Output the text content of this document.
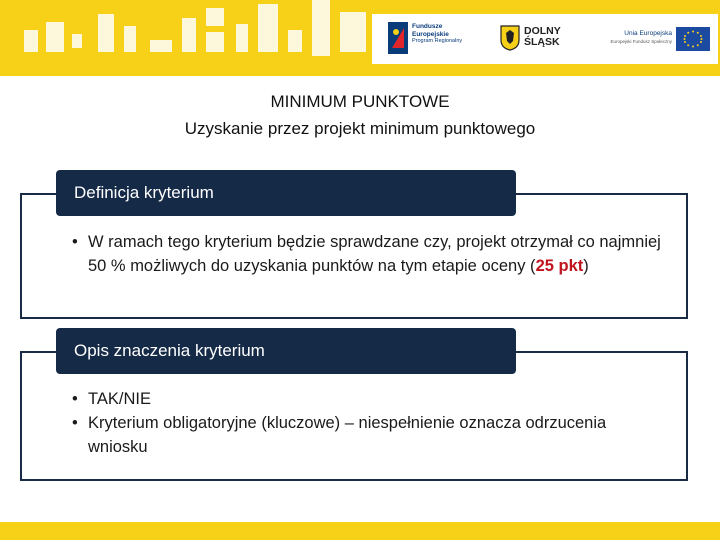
Fundusze
Europejskie
Program Regionalny
DOLNY
ŚLĄSK
Unia Europejska
Europejski Fundusz Społeczny
MINIMUM PUNKTOWE
Uzyskanie przez projekt minimum punktowego
Definicja kryterium
• W ramach tego kryterium będzie sprawdzane czy, projekt otrzymał co najmniej 50 % możliwych do uzyskania punktów na tym etapie oceny (25 pkt)
Opis znaczenia kryterium
• TAK/NIE
• Kryterium obligatoryjne (kluczowe) – niespełnienie oznacza odrzucenia wniosku
